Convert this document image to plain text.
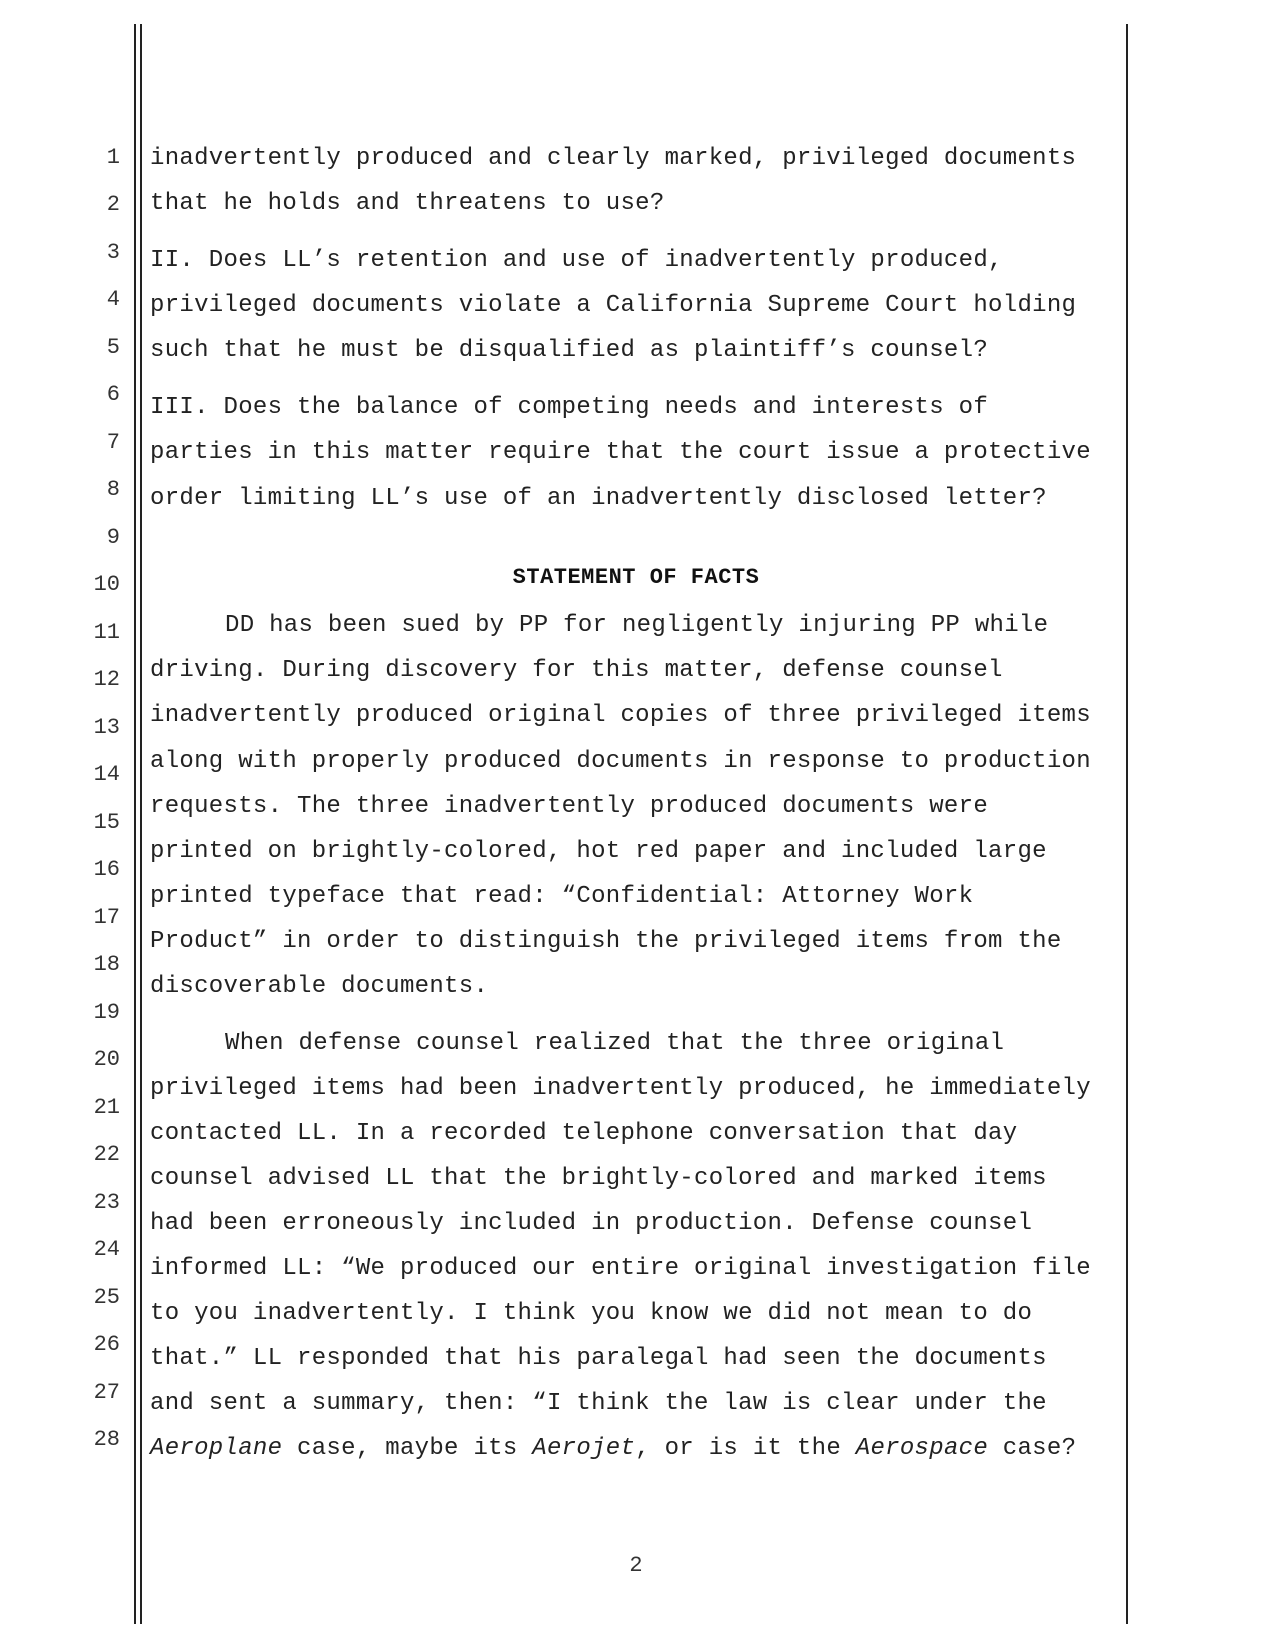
1
2
3
4
5
6
7
8
9
10
11
12
13
14
15
16
17
18
19
20
21
22
23
24
25
26
27
28
inadvertently produced and clearly marked, privileged documents
that he holds and threatens to use?
II. Does LL’s retention and use of inadvertently produced,
privileged documents violate a California Supreme Court holding
such that he must be disqualified as plaintiff’s counsel?
III. Does the balance of competing needs and interests of
parties in this matter require that the court issue a protective
order limiting LL’s use of an inadvertently disclosed letter?
STATEMENT OF FACTS
DD has been sued by PP for negligently injuring PP while
driving. During discovery for this matter, defense counsel
inadvertently produced original copies of three privileged items
along with properly produced documents in response to production
requests. The three inadvertently produced documents were
printed on brightly-colored, hot red paper and included large
printed typeface that read: “Confidential: Attorney Work
Product” in order to distinguish the privileged items from the
discoverable documents.
When defense counsel realized that the three original
privileged items had been inadvertently produced, he immediately
contacted LL. In a recorded telephone conversation that day
counsel advised LL that the brightly-colored and marked items
had been erroneously included in production. Defense counsel
informed LL: “We produced our entire original investigation file
to you inadvertently. I think you know we did not mean to do
that.” LL responded that his paralegal had seen the documents
and sent a summary, then: “I think the law is clear under the
Aeroplane case, maybe its Aerojet, or is it the Aerospace case?
2
